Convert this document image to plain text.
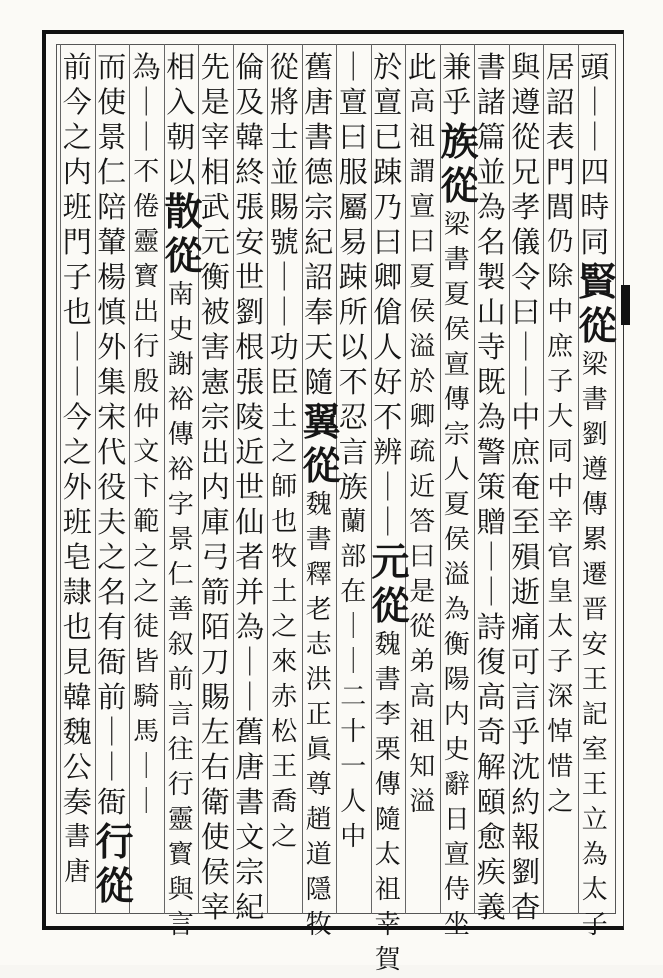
頭｜｜四時同
賢從
梁書劉遵傳累遷晋安王記室王立為太子
居詔表門閭
仍除中庶子大同中辛官皇太子深悼惜之
與遵從兄孝儀令曰｜｜中庶奄至殞逝痛可言乎沈約報劉杳
書諸篇並為名製山寺既為警策贈｜｜詩復高奇解頤愈疾義
兼乎
族從
梁書夏侯亶傳宗人夏侯溢為衡陽内史辭日亶侍坐
此
高祖謂亶曰夏侯溢於卿疏近答曰是從弟高祖知溢
於亶已踈乃曰卿傖人好不辨｜｜
元從
魏書李栗傳隨太祖幸賀
｜亶曰服屬易踈所以不忍言族
蘭部在｜｜二十一人中
舊唐書德宗紀詔奉天隨
翼從
魏書釋老志洪正眞尊趙道隱牧
從將士並賜號｜｜功臣
土之師也牧土之來赤松王喬之
倫及韓終張安世劉根張陵近世仙者并為｜｜舊唐書文宗紀
先是宰相武元衡被害憲宗出内庫弓箭陌刀賜左右衛使侯宰
相入朝以
散從
南史謝裕傳裕字景仁善叙前言往行靈寳與言
為｜｜
不倦靈寳出行殷仲文卞範之之徒皆騎馬｜｜
而使景仁陪輦楊慎外集宋代役夫之名有衙前｜｜衙
行從
前今之内班門子也｜｜今之外班皂隷也見韓魏公奏
書唐
